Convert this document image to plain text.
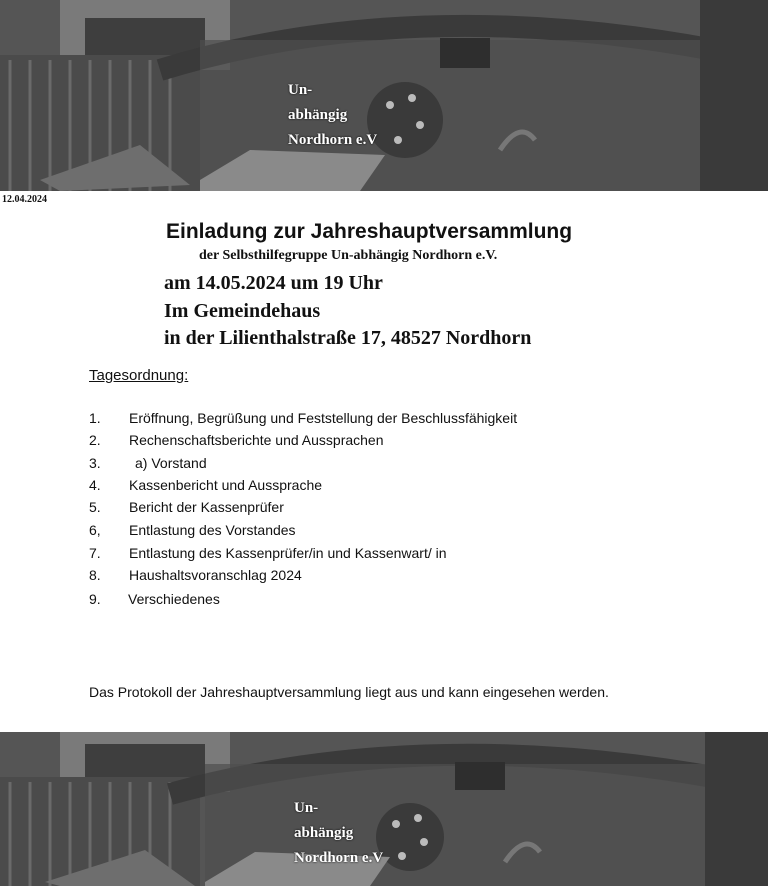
Un-
abhängig
Nordhorn e.V
12.04.2024
Einladung zur Jahreshauptversammlung
der Selbsthilfegruppe Un-abhängig Nordhorn e.V.
am 14.05.2024 um 19 Uhr
Im Gemeindehaus
in der Lilienthalstraße 17, 48527 Nordhorn
Tagesordnung:
1. Eröffnung, Begrüßung und Feststellung der Beschlussfähigkeit
2. Rechenschaftsberichte und Aussprachen
3. a) Vorstand
4. Kassenbericht und Aussprache
5. Bericht der Kassenprüfer
6, Entlastung des Vorstandes
7. Entlastung des Kassenprüfer/in und Kassenwart/ in
8. Haushaltsvoranschlag 2024
9. Verschiedenes
Das Protokoll der Jahreshauptversammlung liegt aus und kann eingesehen werden.
Un-
abhängig
Nordhorn e.V
